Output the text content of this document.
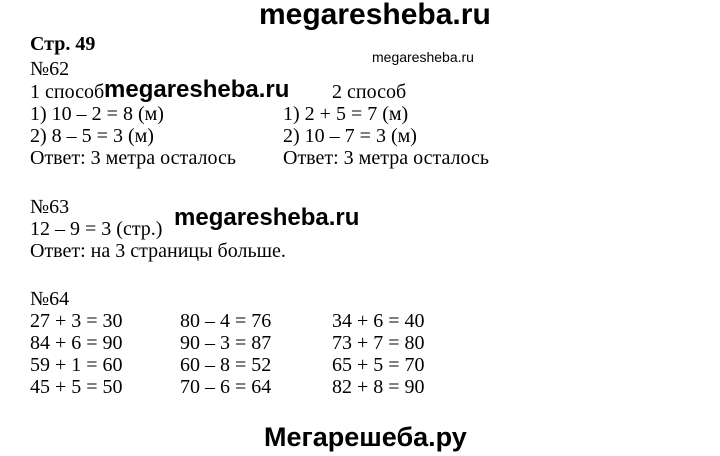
megaresheba.ru
Стр. 49
megaresheba.ru
№62
1 способ megaresheba.ru
1) 10 – 2 = 8 (м)
2) 8 – 5 = 3 (м)
Ответ: 3 метра осталось
2 способ
1) 2 + 5 = 7 (м)
2) 10 – 7 = 3 (м)
Ответ: 3 метра осталось
№63	megaresheba.ru
12 – 9 = 3 (стр.)
Ответ: на 3 страницы больше.
№64
27 + 3 = 30
84 + 6 = 90
59 + 1 = 60
45 + 5 = 50
80 – 4 = 76
90 – 3 = 87
60 – 8 = 52
70 – 6 = 64
34 + 6 = 40
73 + 7 = 80
65 + 5 = 70
82 + 8 = 90
Мегарешеба.ру
